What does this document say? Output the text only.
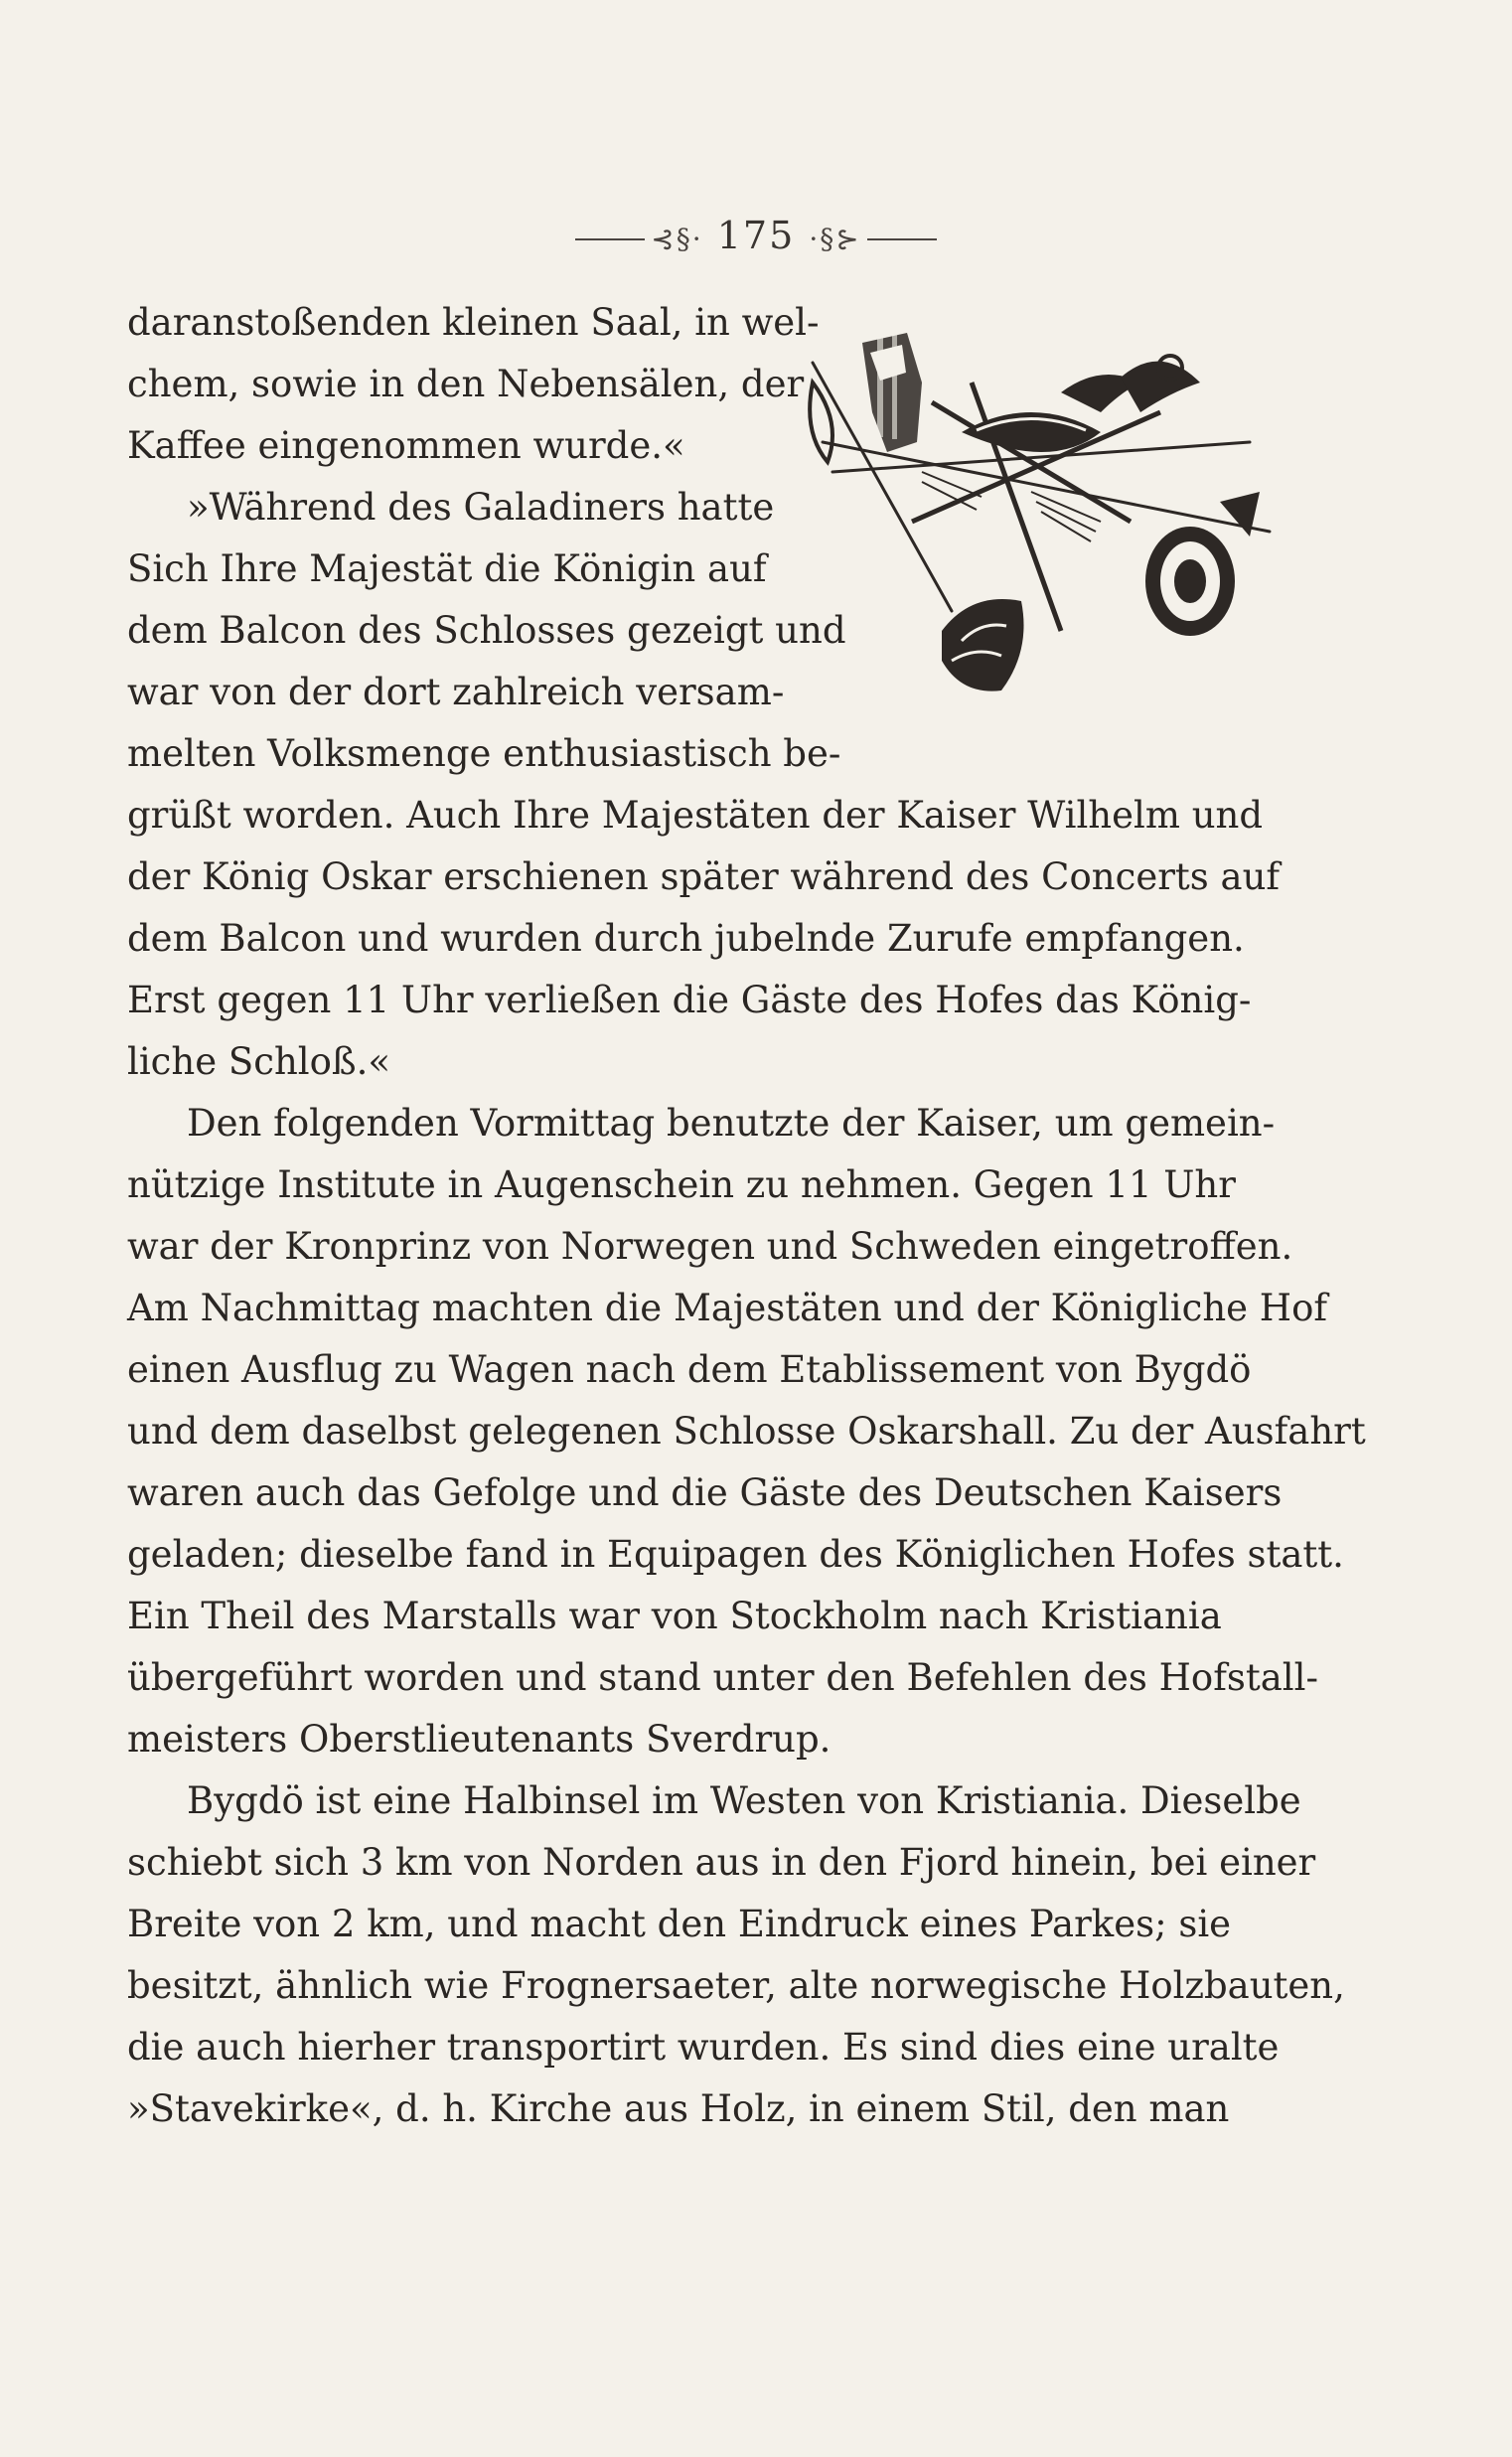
⊰§· 175 ·§⊱
daranstoßenden kleinen Saal, in wel-
chem, sowie in den Nebensälen, der
Kaffee eingenommen wurde.«
»Während des Galadiners hatte
Sich Ihre Majestät die Königin auf
dem Balcon des Schlosses gezeigt und
war von der dort zahlreich versam-
melten Volksmenge enthusiastisch be-
grüßt worden. Auch Ihre Majestäten der Kaiser Wilhelm und
der König Oskar erschienen später während des Concerts auf
dem Balcon und wurden durch jubelnde Zurufe empfangen.
Erst gegen 11 Uhr verließen die Gäste des Hofes das König-
liche Schloß.«
Den folgenden Vormittag benutzte der Kaiser, um gemein-
nützige Institute in Augenschein zu nehmen. Gegen 11 Uhr
war der Kronprinz von Norwegen und Schweden eingetroffen.
Am Nachmittag machten die Majestäten und der Königliche Hof
einen Ausflug zu Wagen nach dem Etablissement von Bygdö
und dem daselbst gelegenen Schlosse Oskarshall. Zu der Ausfahrt
waren auch das Gefolge und die Gäste des Deutschen Kaisers
geladen; dieselbe fand in Equipagen des Königlichen Hofes statt.
Ein Theil des Marstalls war von Stockholm nach Kristiania
übergeführt worden und stand unter den Befehlen des Hofstall-
meisters Oberstlieutenants Sverdrup.
Bygdö ist eine Halbinsel im Westen von Kristiania. Dieselbe
schiebt sich 3 km von Norden aus in den Fjord hinein, bei einer
Breite von 2 km, und macht den Eindruck eines Parkes; sie
besitzt, ähnlich wie Frognersaeter, alte norwegische Holzbauten,
die auch hierher transportirt wurden. Es sind dies eine uralte
»Stavekirke«, d. h. Kirche aus Holz, in einem Stil, den man
